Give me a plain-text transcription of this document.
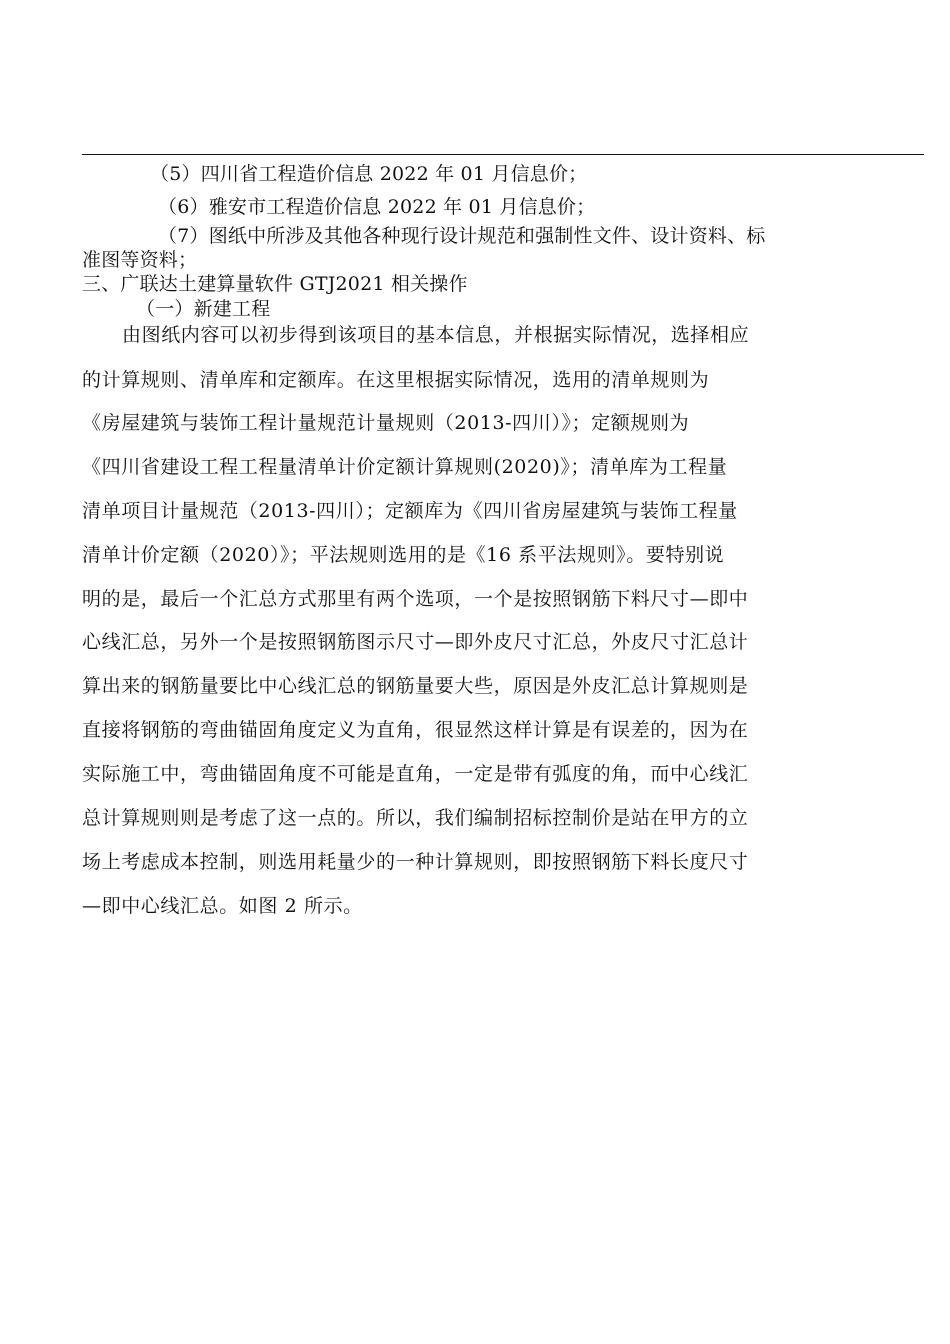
（5）四川省工程造价信息 2022 年 01 月信息价；
（6）雅安市工程造价信息 2022 年 01 月信息价；
（7）图纸中所涉及其他各种现行设计规范和强制性文件、设计资料、标
准图等资料；
三、广联达土建算量软件 GTJ2021 相关操作
（一）新建工程
由图纸内容可以初步得到该项目的基本信息，并根据实际情况，选择相应
的计算规则、清单库和定额库。在这里根据实际情况，选用的清单规则为
《房屋建筑与装饰工程计量规范计量规则（2013-四川）》；定额规则为
《四川省建设工程工程量清单计价定额计算规则(2020)》；清单库为工程量
清单项目计量规范（2013-四川）；定额库为《四川省房屋建筑与装饰工程量
清单计价定额（2020）》；平法规则选用的是《16 系平法规则》。要特别说
明的是，最后一个汇总方式那里有两个选项，一个是按照钢筋下料尺寸—即中
心线汇总，另外一个是按照钢筋图示尺寸—即外皮尺寸汇总，外皮尺寸汇总计
算出来的钢筋量要比中心线汇总的钢筋量要大些，原因是外皮汇总计算规则是
直接将钢筋的弯曲锚固角度定义为直角，很显然这样计算是有误差的，因为在
实际施工中，弯曲锚固角度不可能是直角，一定是带有弧度的角，而中心线汇
总计算规则则是考虑了这一点的。所以，我们编制招标控制价是站在甲方的立
场上考虑成本控制，则选用耗量少的一种计算规则，即按照钢筋下料长度尺寸
—即中心线汇总。如图 2 所示。
